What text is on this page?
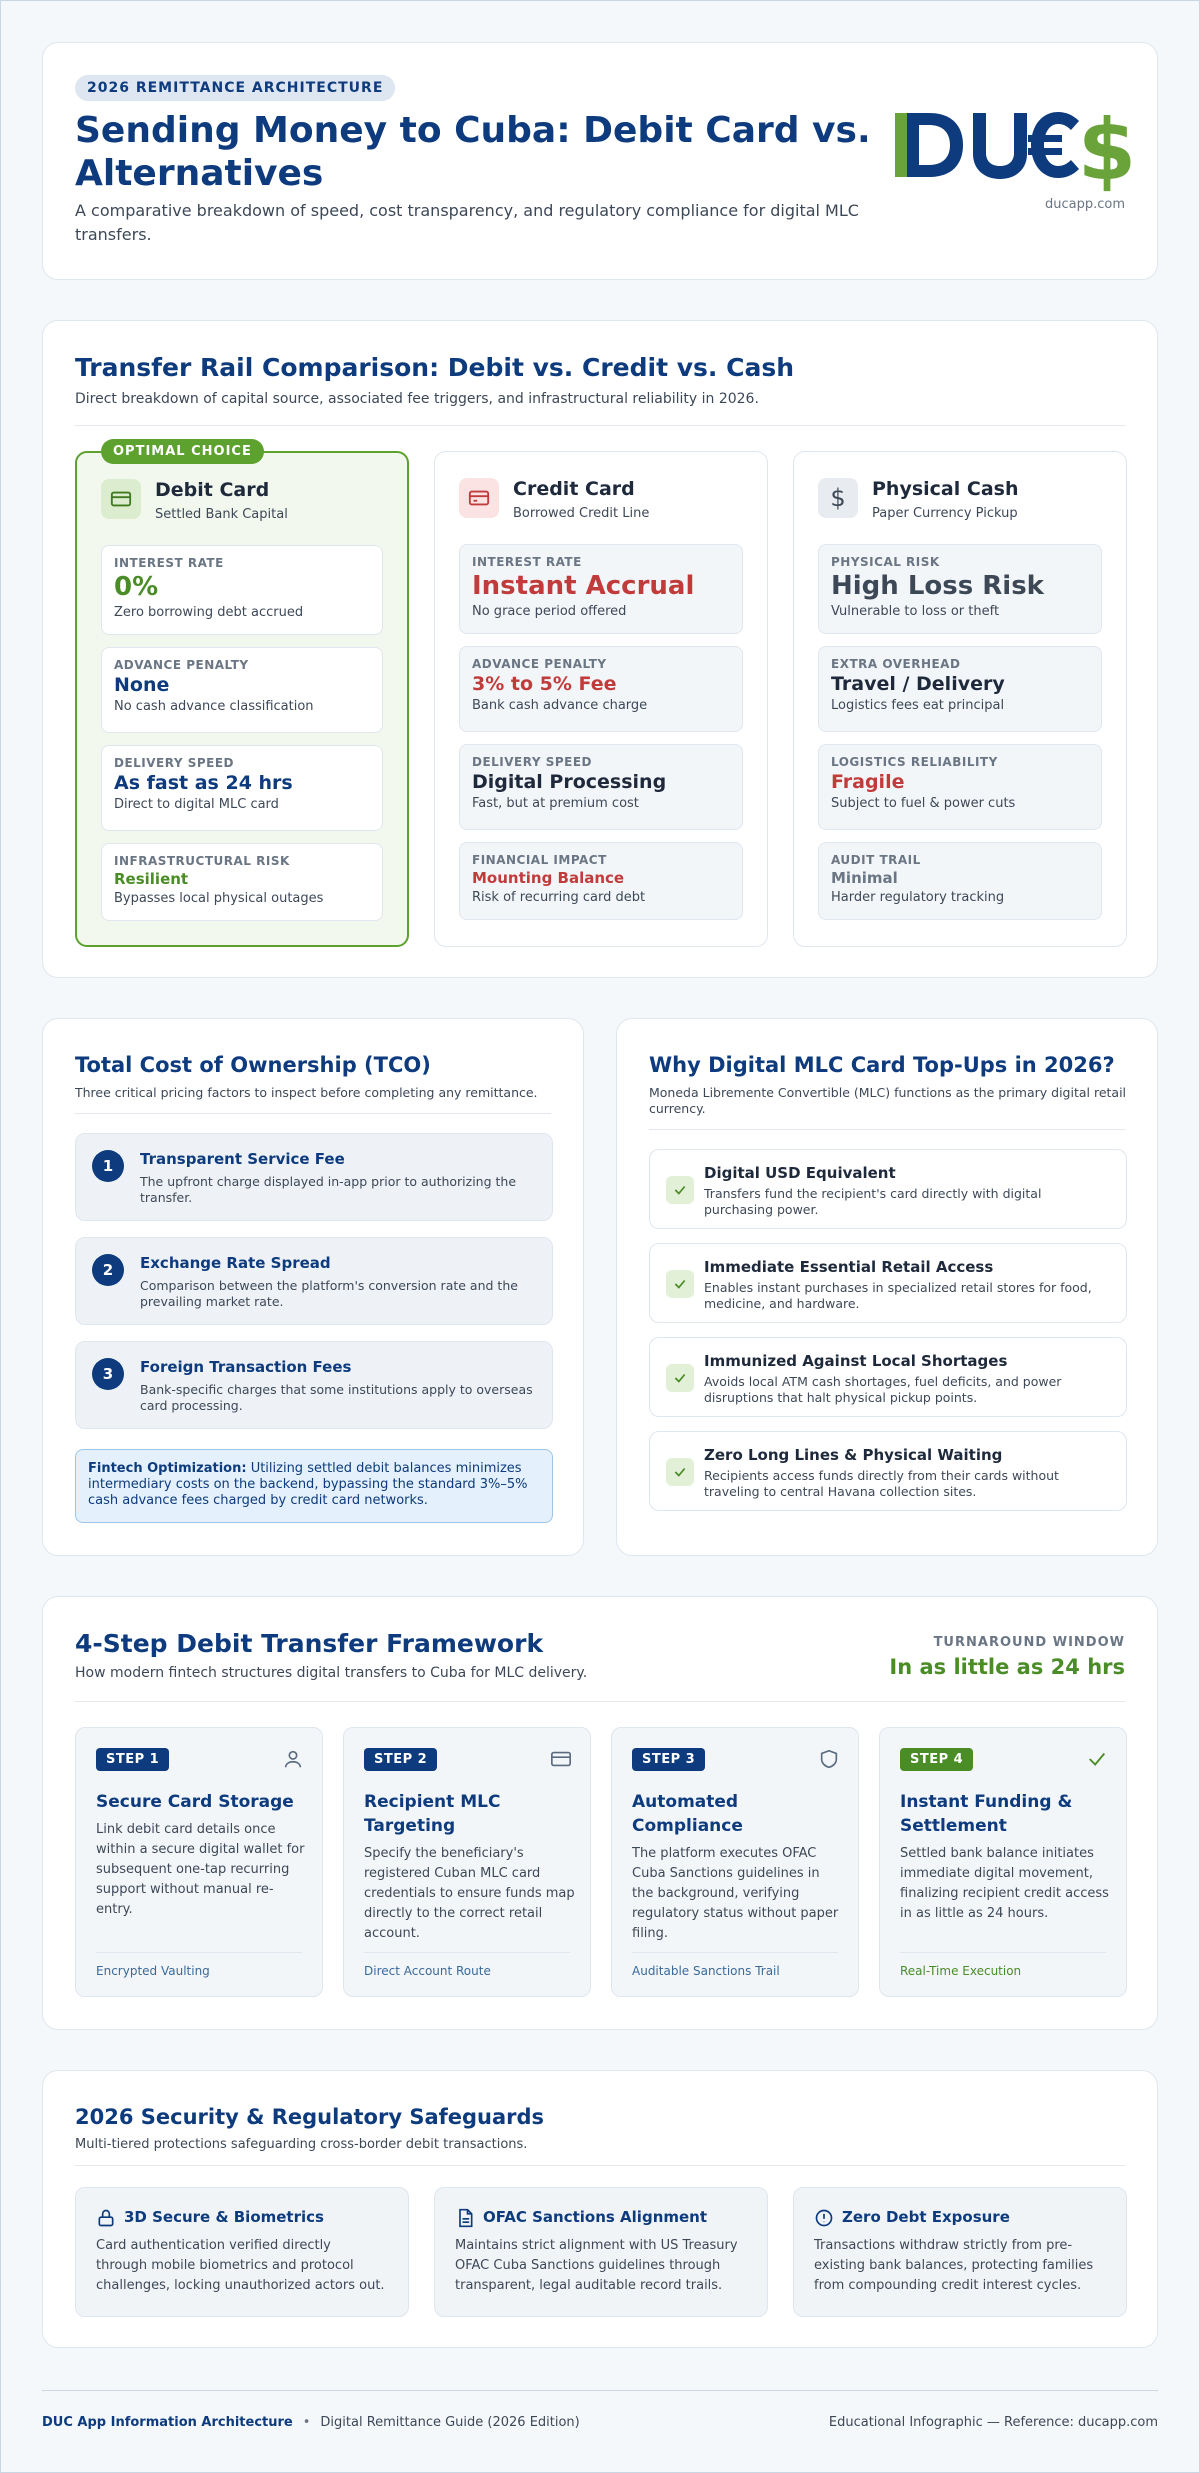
2026 REMITTANCE ARCHITECTURE
Sending Money to Cuba: Debit Card vs. Alternatives

A comparative breakdown of speed, cost transparency, and regulatory compliance for digital MLC transfers.

$
ducapp.com
Transfer Rail Comparison: Debit vs. Credit vs. Cash

Direct breakdown of capital source, associated fee triggers, and infrastructural reliability in 2026.

OPTIMAL CHOICE
Debit Card
Settled Bank Capital
INTEREST RATE
0%
Zero borrowing debt accrued
ADVANCE PENALTY
None
No cash advance classification
DELIVERY SPEED
As fast as 24 hrs
Direct to digital MLC card
INFRASTRUCTURAL RISK
Resilient
Bypasses local physical outages
Credit Card
Borrowed Credit Line
INTEREST RATE
Instant Accrual
No grace period offered
ADVANCE PENALTY
3% to 5% Fee
Bank cash advance charge
DELIVERY SPEED
Digital Processing
Fast, but at premium cost
FINANCIAL IMPACT
Mounting Balance
Risk of recurring card debt
$	Physical Cash
Paper Currency Pickup
PHYSICAL RISK
High Loss Risk
Vulnerable to loss or theft
EXTRA OVERHEAD
Travel / Delivery
Logistics fees eat principal
LOGISTICS RELIABILITY
Fragile
Subject to fuel & power cuts
AUDIT TRAIL
Minimal
Harder regulatory tracking
Total Cost of Ownership (TCO)

Three critical pricing factors to inspect before completing any remittance.

1	Transparent Service Fee
The upfront charge displayed in-app prior to authorizing the transfer.
2	Exchange Rate Spread
Comparison between the platform's conversion rate and the prevailing market rate.
3	Foreign Transaction Fees
Bank-specific charges that some institutions apply to overseas card processing.
Fintech Optimization: Utilizing settled debit balances minimizes intermediary costs on the backend, bypassing the standard 3%–5% cash advance fees charged by credit card networks.
Why Digital MLC Card Top-Ups in 2026?

Moneda Libremente Convertible (MLC) functions as the primary digital retail currency.

Digital USD Equivalent
Transfers fund the recipient's card directly with digital purchasing power.
Immediate Essential Retail Access
Enables instant purchases in specialized retail stores for food, medicine, and hardware.
Immunized Against Local Shortages
Avoids local ATM cash shortages, fuel deficits, and power disruptions that halt physical pickup points.
Zero Long Lines & Physical Waiting
Recipients access funds directly from their cards without traveling to central Havana collection sites.
4-Step Debit Transfer Framework

How modern fintech structures digital transfers to Cuba for MLC delivery.

TURNAROUND WINDOW
In as little as 24 hrs
STEP 1
Secure Card Storage
Link debit card details once within a secure digital wallet for subsequent one-tap recurring support without manual re-entry.
Encrypted Vaulting
STEP 2
Recipient MLC Targeting
Specify the beneficiary's registered Cuban MLC card credentials to ensure funds map directly to the correct retail account.
Direct Account Route
STEP 3
Automated Compliance
The platform executes OFAC Cuba Sanctions guidelines in the background, verifying regulatory status without paper filing.
Auditable Sanctions Trail
STEP 4
Instant Funding & Settlement
Settled bank balance initiates immediate digital movement, finalizing recipient credit access in as little as 24 hours.
Real-Time Execution
2026 Security & Regulatory Safeguards

Multi-tiered protections safeguarding cross-border debit transactions.

3D Secure & Biometrics
Card authentication verified directly through mobile biometrics and protocol challenges, locking unauthorized actors out.
OFAC Sanctions Alignment
Maintains strict alignment with US Treasury OFAC Cuba Sanctions guidelines through transparent, legal auditable record trails.
Zero Debt Exposure
Transactions withdraw strictly from pre-existing bank balances, protecting families from compounding credit interest cycles.
DUC App Information Architecture • Digital Remittance Guide (2026 Edition)	Educational Infographic — Reference: ducapp.com
